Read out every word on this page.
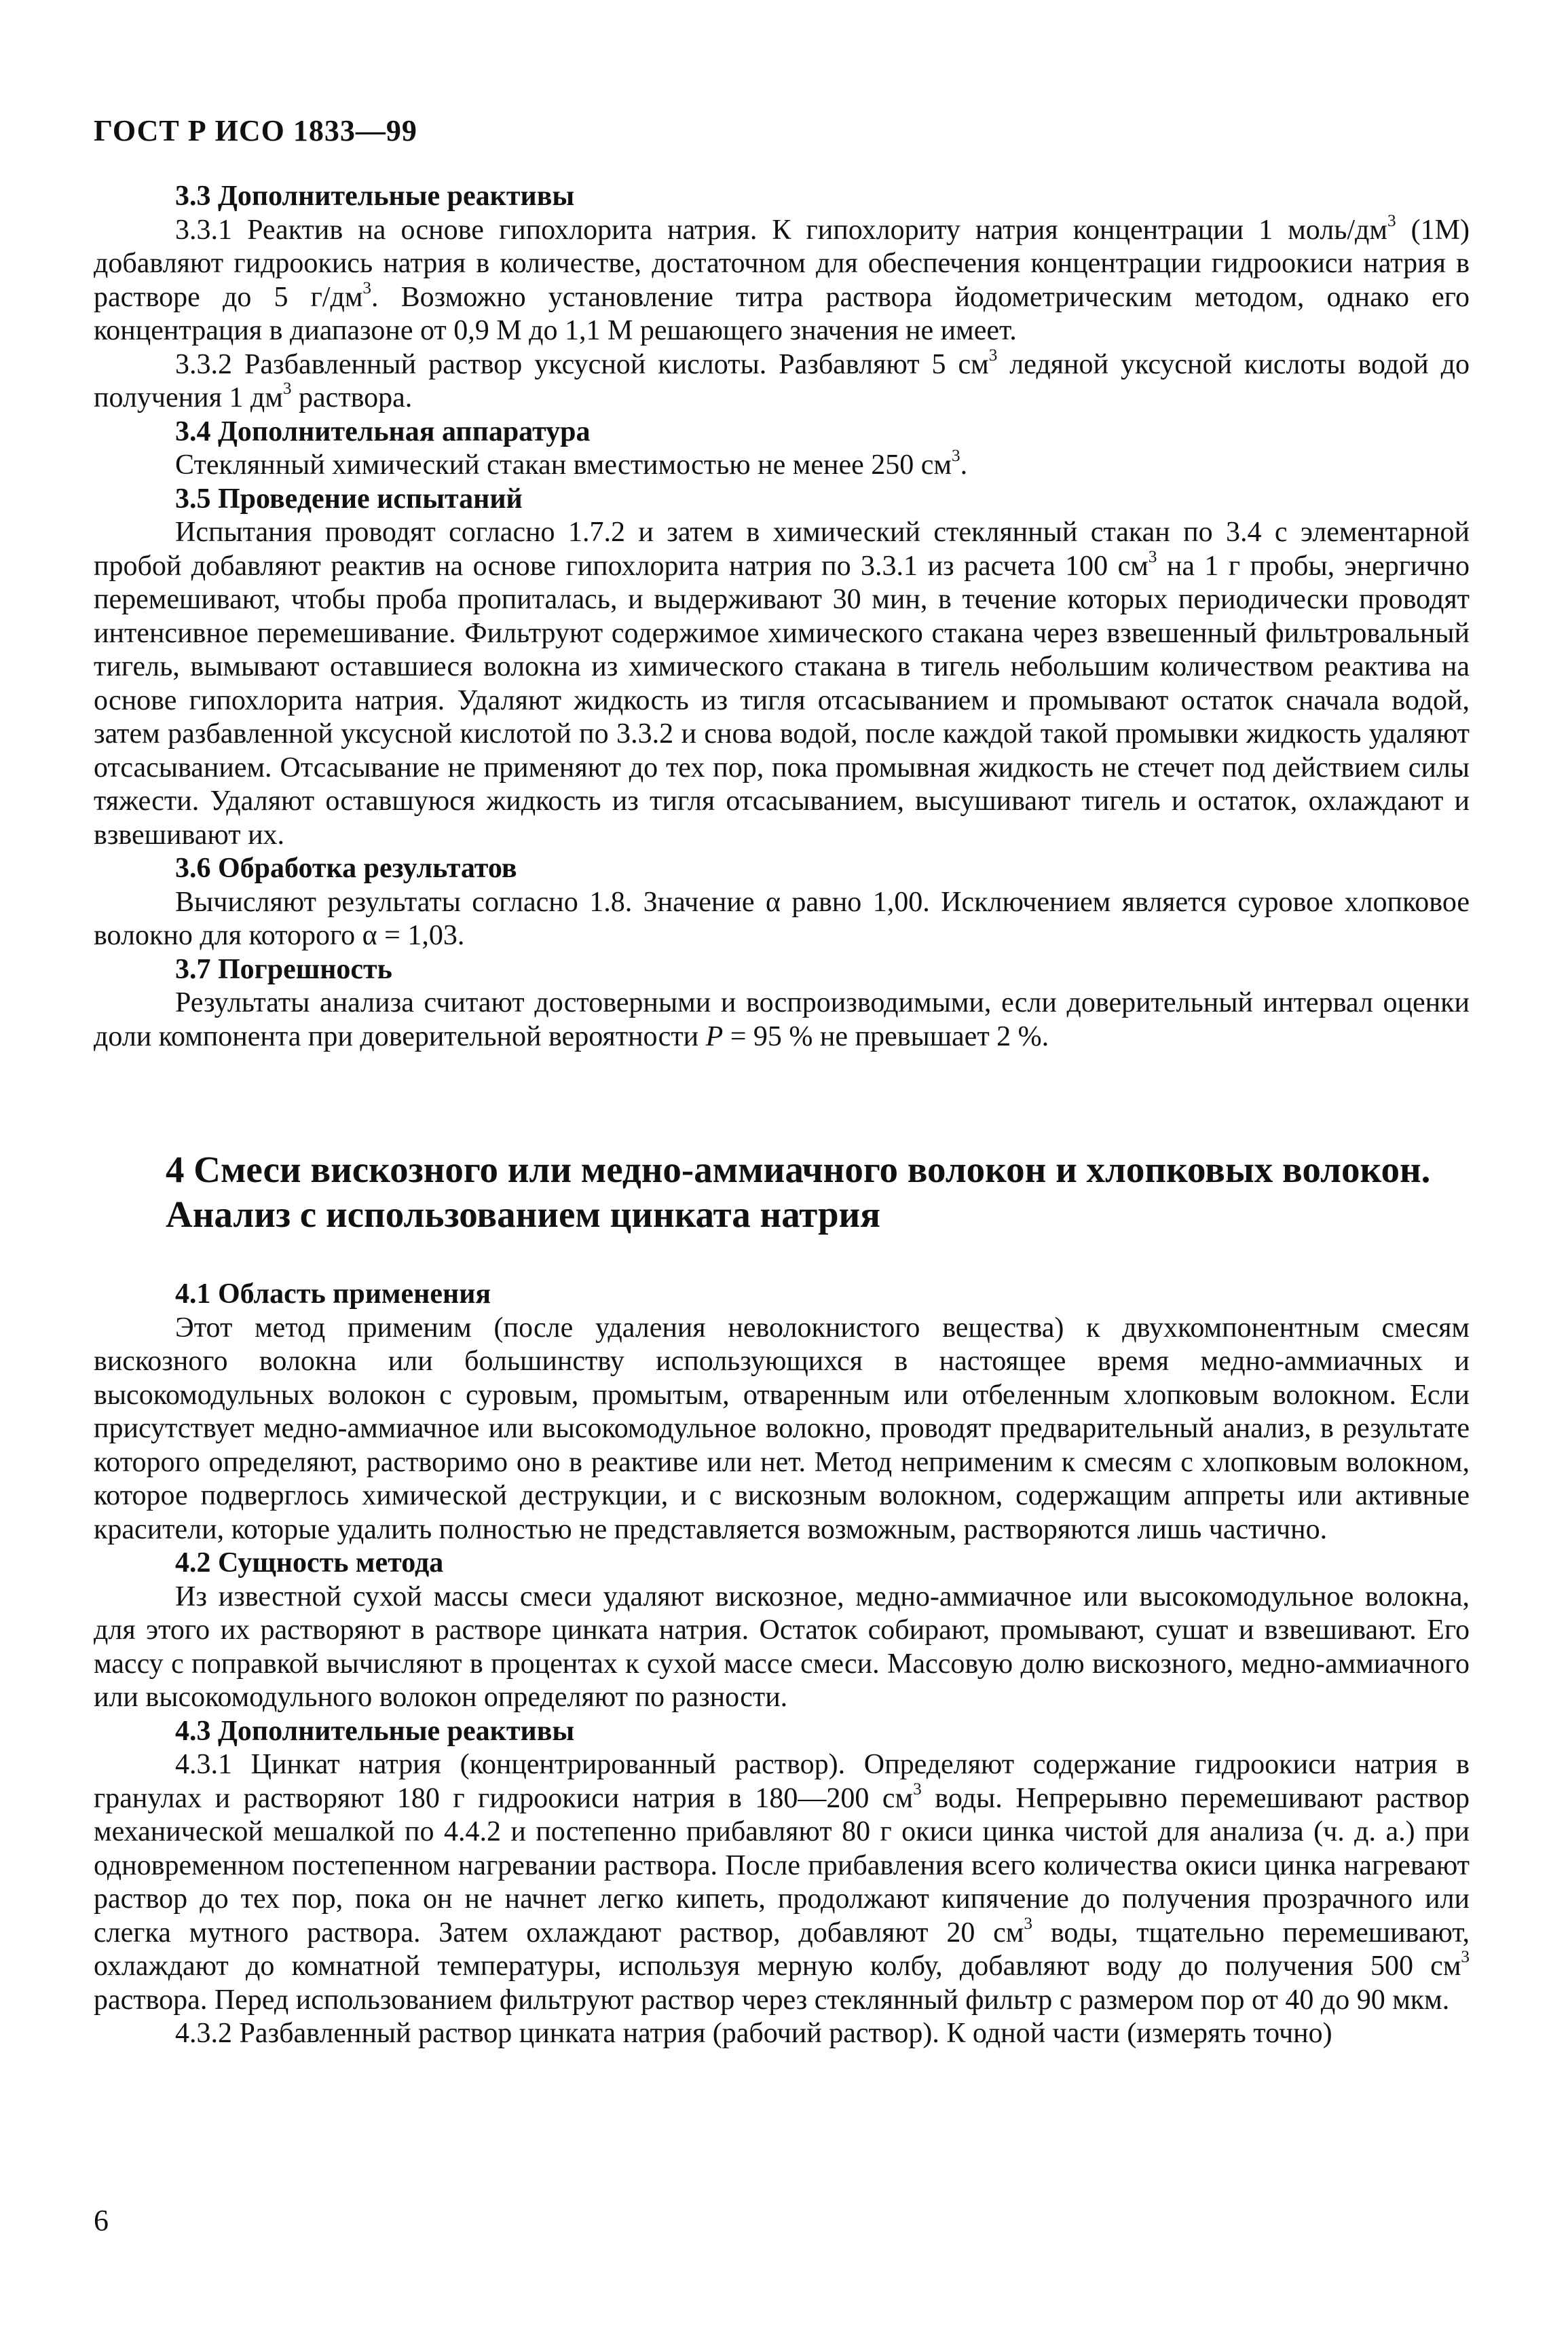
ГОСТ Р ИСО 1833—99
3.3 Дополнительные реактивы

3.3.1 Реактив на основе гипохлорита натрия. К гипохлориту натрия концентрации 1 моль/$дм^3$ (1М) добавляют гидроокись натрия в количестве, достаточном для обеспечения концентрации гидроокиси натрия в растворе до 5 $г/дм^3$. Возможно установление титра раствора йодометрическим методом, однако его концентрация в диапазоне от 0,9 М до 1,1 М решающего значения не имеет.

3.3.2 Разбавленный раствор уксусной кислоты. Разбавляют 5 $см^3$ ледяной уксусной кислоты водой до получения 1 $дм^3$ раствора.

3.4 Дополнительная аппаратура

Стеклянный химический стакан вместимостью не менее 250 $см^3$.

3.5 Проведение испытаний

Испытания проводят согласно 1.7.2 и затем в химический стеклянный стакан по 3.4 с элементарной пробой добавляют реактив на основе гипохлорита натрия по 3.3.1 из расчета 100 $см^3$ на 1 г пробы, энергично перемешивают, чтобы проба пропиталась, и выдерживают 30 мин, в течение которых периодически проводят интенсивное перемешивание. Фильтруют содержимое химического стакана через взвешенный фильтровальный тигель, вымывают оставшиеся волокна из химического стакана в тигель небольшим количеством реактива на основе гипохлорита натрия. Удаляют жидкость из тигля отсасыванием и промывают остаток сначала водой, затем разбавленной уксусной кислотой по 3.3.2 и снова водой, после каждой такой промывки жидкость удаляют отсасыванием. Отсасывание не применяют до тех пор, пока промывная жидкость не стечет под действием силы тяжести. Удаляют оставшуюся жидкость из тигля отсасыванием, высушивают тигель и остаток, охлаждают и взвешивают их.

3.6 Обработка результатов

Вычисляют результаты согласно 1.8. Значение α равно 1,00. Исключением является суровое хлопковое волокно для которого α = 1,03.

3.7 Погрешность

Результаты анализа считают достоверными и воспроизводимыми, если доверительный интервал оценки доли компонента при доверительной вероятности P = 95 % не превышает 2 %.

4 Смеси вискозного или медно-аммиачного волокон и хлопковых волокон. Анализ с использованием цинката натрия
4.1 Область применения

Этот метод применим (после удаления неволокнистого вещества) к двухкомпонентным смесям вискозного волокна или большинству использующихся в настоящее время медно-аммиачных и высокомодульных волокон с суровым, промытым, отваренным или отбеленным хлопковым волокном. Если присутствует медно-аммиачное или высокомодульное волокно, проводят предварительный анализ, в результате которого определяют, растворимо оно в реактиве или нет. Метод неприменим к смесям с хлопковым волокном, которое подверглось химической деструкции, и с вискозным волокном, содержащим аппреты или активные красители, которые удалить полностью не представляется возможным, растворяются лишь частично.

4.2 Сущность метода

Из известной сухой массы смеси удаляют вискозное, медно-аммиачное или высокомодульное волокна, для этого их растворяют в растворе цинката натрия. Остаток собирают, промывают, сушат и взвешивают. Его массу с поправкой вычисляют в процентах к сухой массе смеси. Массовую долю вискозного, медно-аммиачного или высокомодульного волокон определяют по разности.

4.3 Дополнительные реактивы

4.3.1 Цинкат натрия (концентрированный раствор). Определяют содержание гидроокиси натрия в гранулах и растворяют 180 г гидроокиси натрия в 180—200 $см^3$ воды. Непрерывно перемешивают раствор механической мешалкой по 4.4.2 и постепенно прибавляют 80 г окиси цинка чистой для анализа (ч. д. а.) при одновременном постепенном нагревании раствора. После прибавления всего количества окиси цинка нагревают раствор до тех пор, пока он не начнет легко кипеть, продолжают кипячение до получения прозрачного или слегка мутного раствора. Затем охлаждают раствор, добавляют 20 $см^3$ воды, тщательно перемешивают, охлаждают до комнатной температуры, используя мерную колбу, добавляют воду до получения 500 $см^3$ раствора. Перед использованием фильтруют раствор через стеклянный фильтр с размером пор от 40 до 90 мкм.

4.3.2 Разбавленный раствор цинката натрия (рабочий раствор). К одной части (измерять точно)

6
